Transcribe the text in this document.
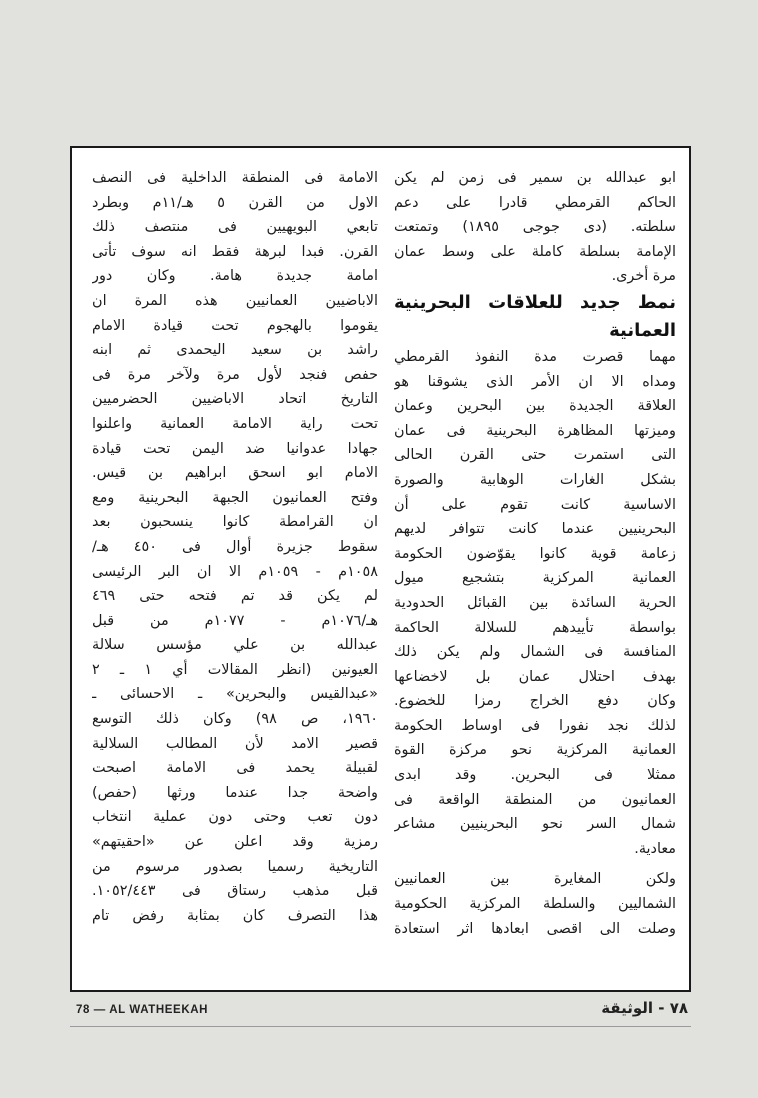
ابو عبدالله بن سمير فى زمن لم يكن
الحاكم القرمطي قادرا على دعم
سلطته. (دى جوجى ١٨٩٥) وتمتعت
الإمامة بسلطة كاملة على وسط عمان
مرة أخرى.

نمط جديد للعلاقات البحرينية
العمانية

مهما قصرت مدة النفوذ القرمطي
ومداه الا ان الأمر الذى يشوقنا هو
العلاقة الجديدة بين البحرين وعمان
وميزتها المظاهرة البحرينية فى عمان
التى استمرت حتى القرن الحالى
بشكل الغارات الوهابية والصورة
الاساسية كانت تقوم على أن
البحرينيين عندما كانت تتوافر لديهم
زعامة قوية كانوا يقوّضون الحكومة
العمانية المركزية بتشجيع ميول
الحرية السائدة بين القبائل الحدودية
بواسطة تأييدهم للسلالة الحاكمة
المنافسة فى الشمال ولم يكن ذلك
بهدف احتلال عمان بل لاخضاعها
وكان دفع الخراج رمزا للخضوع.
لذلك نجد نفورا فى اوساط الحكومة
العمانية المركزية نحو مركزة القوة
ممثلا فى البحرين. وقد ابدى
العمانيون من المنطقة الواقعة فى
شمال السر نحو البحرينيين مشاعر
معادية.

ولكن المغايرة بين العمانيين
الشماليين والسلطة المركزية الحكومية
وصلت الى اقصى ابعادها اثر استعادة

الامامة فى المنطقة الداخلية فى النصف
الاول من القرن ٥ هـ/١١م وبطرد
تابعي البويهيين فى منتصف ذلك
القرن. فبدا لبرهة فقط انه سوف تأتى
امامة جديدة هامة. وكان دور
الاباضيين العمانيين هذه المرة ان
يقوموا بالهجوم تحت قيادة الامام
راشد بن سعيد اليحمدى ثم ابنه
حفص فنجد لأول مرة ولآخر مرة فى
التاريخ اتحاد الاباضيين الحضرميين
تحت راية الامامة العمانية واعلنوا
جهادا عدوانيا ضد اليمن تحت قيادة
الامام ابو اسحق ابراهيم بن قيس.
وفتح العمانيون الجبهة البحرينية ومع
ان القرامطة كانوا ينسحبون بعد
سقوط جزيرة أوال فى ٤٥٠ هـ/
١٠٥٨م - ١٠٥٩م الا ان البر الرئيسى
لم يكن قد تم فتحه حتى ٤٦٩
هـ/١٠٧٦م - ١٠٧٧م من قبل
عبدالله بن علي مؤسس سلالة
العيونين (انظر المقالات أي ١ ـ ٢
«عبدالقيس والبحرين» ـ الاحسائى ـ
١٩٦٠، ص ٩٨) وكان ذلك التوسع
قصير الامد لأن المطالب السلالية
لقبيلة يحمد فى الامامة اصبحت
واضحة جدا عندما ورثها (حفص)
دون تعب وحتى دون عملية انتخاب
رمزية وقد اعلن عن «احقيتهم»
التاريخية رسميا بصدور مرسوم من
قبل مذهب رستاق فى ١٠٥٢/٤٤٣.
هذا التصرف كان بمثابة رفض تام

78 — AL WATHEEKAH	٧٨ - الوثيقة
